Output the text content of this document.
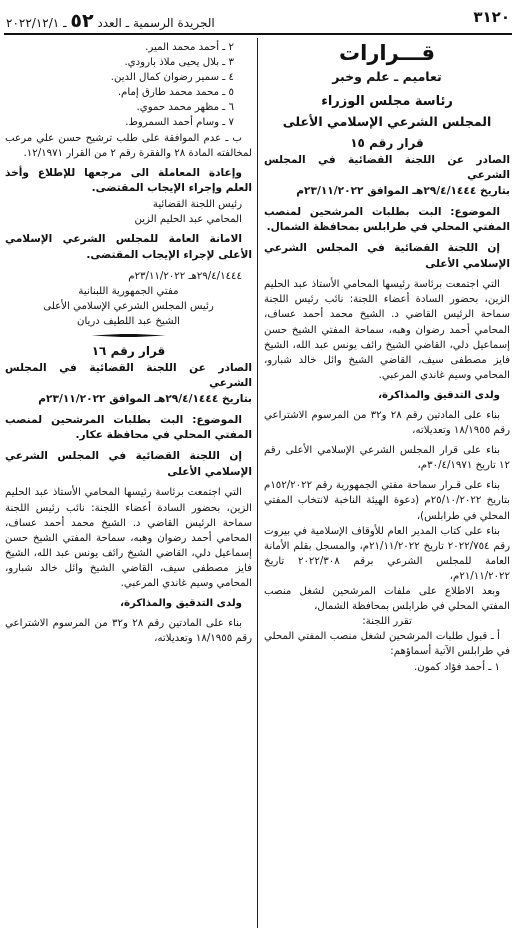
٣١٢٠
الجريدة الرسمية ـ العدد ٥٢ ـ ٢٠٢٢/١٢/١

قـــرارات

تعاميم ـ علم وخبر

رئاسة مجلس الوزراء

المجلس الشرعي الإسلامي الأعلى

قرار رقم ١٥

الصادر عن اللجنة القضائية في المجلس الشرعي

بتاريخ ٢٩/٤/١٤٤٤هـ الموافق ٢٣/١١/٢٠٢٢م

الموضوع: البت بطلبات المرشحين لمنصب المفتي المحلي في طرابلس بمحافظة الشمال.

إن اللجنة القضائية في المجلس الشرعي الإسلامي الأعلى

التي اجتمعت برئاسة رئيسها المحامي الأستاذ عبد الحليم الزين، بحضور السادة أعضاء اللجنة: نائب رئيس اللجنة سماحة الرئيس القاضي د. الشيخ محمد أحمد عساف، المحامي أحمد رضوان وهبه، سماحة المفتي الشيخ حسن إسماعيل دلي، القاضي الشيخ رائف يونس عبد الله، الشيخ فايز مصطفى سيف، القاضي الشيخ وائل خالد شبارو، المحامي وسيم غاندي المرعبي.

ولدى التدقيق والمذاكرة،

بناء على المادتين رقم ٢٨ و٣٢ من المرسوم الاشتراعي رقم ١٨/١٩٥٥ وتعديلاته،

بناء على قرار المجلس الشرعي الإسلامي الأعلى رقم ١٢ تاريخ ٣٠/٤/١٩٧١م،

بناء على قـرار سماحة مفتي الجمهورية رقم ١٥٢/٢٠٢٢م بتاريخ ٢٥/١٠/٢٠٢٢م (دعوة الهيئة الناخبة لانتخاب المفتي المحلي في طرابلس)،

بناء على كتاب المدير العام للأوقاف الإسلامية في بيروت رقم ٢٠٢٢/٧٥٤ تاريخ ٢١/١١/٢٠٢٢م، والمسجل بقلم الأمانة العامة للمجلس الشرعي برقم ٢٠٢٢/٣٠٨ تاريخ ٢١/١١/٢٠٢٢م،

وبعد الاطلاع على ملفات المرشحين لشغل منصب المفتي المحلي في طرابلس بمحافظة الشمال،

تقرر اللجنة:

أ ـ قبول طلبات المرشحين لشغل منصب المفتي المحلي في طرابلس الآتية أسماؤهم:

١ ـ أحمد فؤاد كمون.

٢ ـ أحمد محمد المير.

٣ ـ بلال يحيى ملاذ بارودي.

٤ ـ سمير رضوان كمال الدين.

٥ ـ محمد محمد طارق إمام.

٦ ـ مظهر محمد حموي.

٧ ـ وسام أحمد السمروط.

ب ـ عدم الموافقة على طلب ترشيح حسن علي مرعب لمخالفته المادة ٢٨ والفقرة رقم ٢ من القرار ١٢/١٩٧١.

وإعادة المعاملة الى مرجعها للإطلاع وأخذ العلم وإجراء الإيجاب المقتضى.

رئيس اللجنة القضائية

المحامي عبد الحليم الزين

الامانة العامة للمجلس الشرعي الإسلامي الأعلى لإجراء الإيجاب المقتضى.

٢٩/٤/١٤٤٤هـ ٢٣/١١/٢٠٢٢م

مفتي الجمهورية اللبنانية

رئيس المجلس الشرعي الإسلامي الأعلى

الشيخ عبد اللطيف دريان

قرار رقم ١٦

الصادر عن اللجنة القضائية في المجلس الشرعي

بتاريخ ٢٩/٤/١٤٤٤هـ الموافق ٢٣/١١/٢٠٢٢م

الموضوع: البت بطلبات المرشحين لمنصب المفتي المحلي في محافظة عكار.

إن اللجنة القضائية في المجلس الشرعي الإسلامي الأعلى

التي اجتمعت برئاسة رئيسها المحامي الأستاذ عبد الحليم الزين، بحضور السادة أعضاء اللجنة: نائب رئيس اللجنة سماحة الرئيس القاضي د. الشيخ محمد أحمد عساف، المحامي أحمد رضوان وهبه، سماحة المفتي الشيخ حسن إسماعيل دلي، القاضي الشيخ رائف يونس عبد الله، الشيخ فايز مصطفى سيف، القاضي الشيخ وائل خالد شبارو، المحامي وسيم غاندي المرعبي.

ولدى التدقيق والمذاكرة،

بناء على المادتين رقم ٢٨ و٣٢ من المرسوم الاشتراعي رقم ١٨/١٩٥٥ وتعديلاته،
